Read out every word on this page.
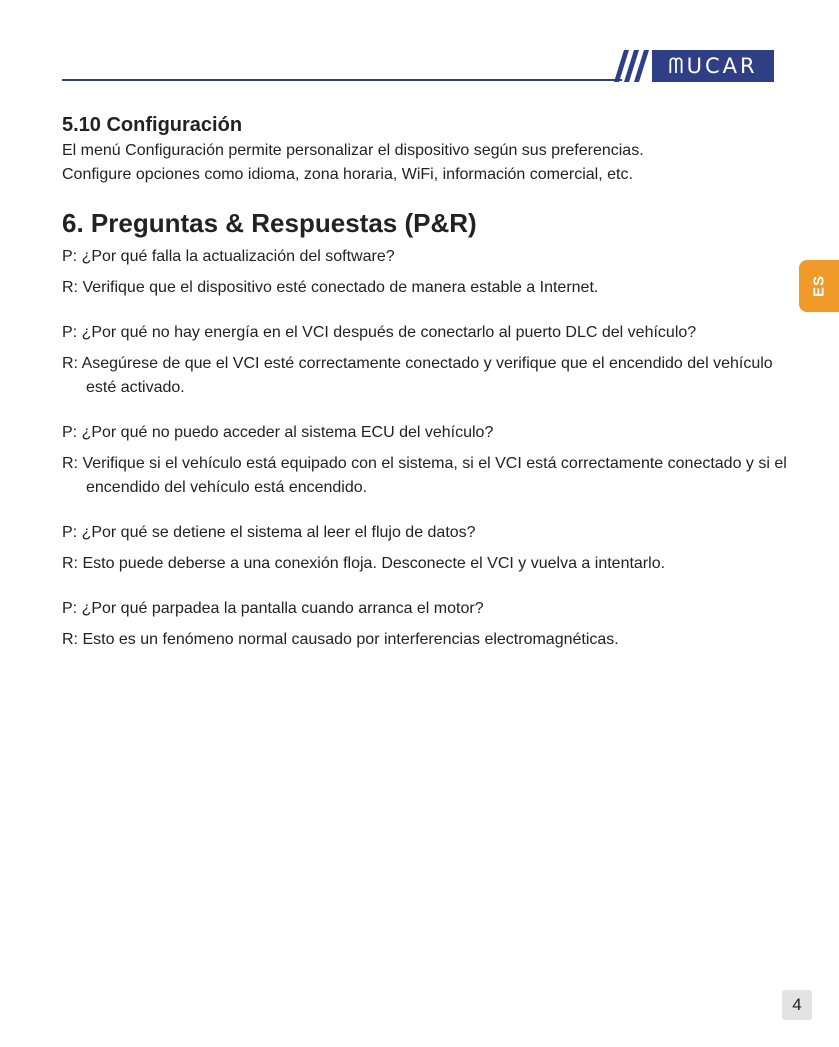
ᗰUCAR
ES
5.10 Configuración

El menú Configuración permite personalizar el dispositivo según sus preferencias.

Configure opciones como idioma, zona horaria, WiFi, información comercial, etc.

6. Preguntas & Respuestas (P&R)
P: ¿Por qué falla la actualización del software?
R: Verifique que el dispositivo esté conectado de manera estable a Internet.
P: ¿Por qué no hay energía en el VCI después de conectarlo al puerto DLC del vehículo?
R: Asegúrese de que el VCI esté correctamente conectado y verifique que el encendido del vehículo esté activado.
P: ¿Por qué no puedo acceder al sistema ECU del vehículo?
R: Verifique si el vehículo está equipado con el sistema, si el VCI está correctamente conectado y si el encendido del vehículo está encendido.
P: ¿Por qué se detiene el sistema al leer el flujo de datos?
R: Esto puede deberse a una conexión floja. Desconecte el VCI y vuelva a intentarlo.
P: ¿Por qué parpadea la pantalla cuando arranca el motor?
R: Esto es un fenómeno normal causado por interferencias electromagnéticas.
4
